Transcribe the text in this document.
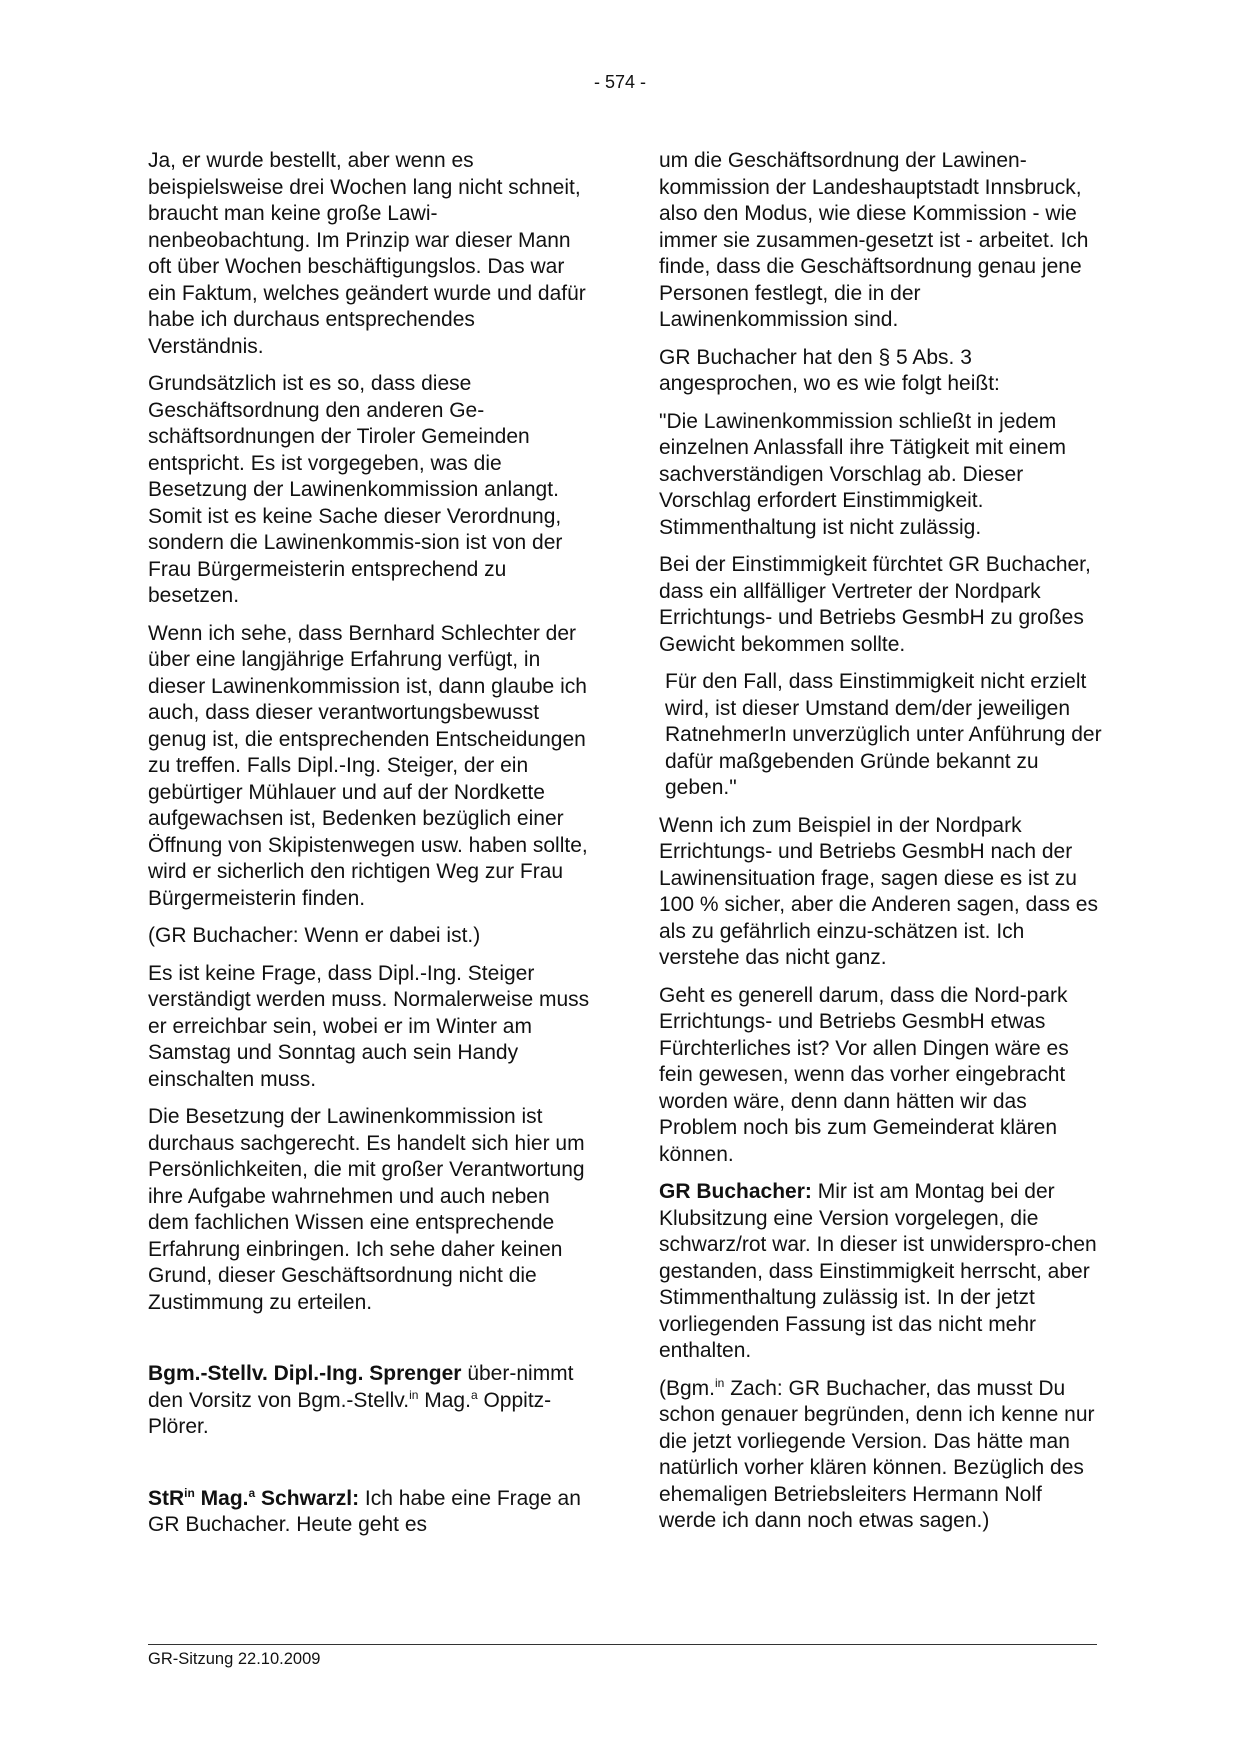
- 574 -

Ja, er wurde bestellt, aber wenn es beispielsweise drei Wochen lang nicht schneit, braucht man keine große Lawi-nenbeobachtung. Im Prinzip war dieser Mann oft über Wochen beschäftigungslos. Das war ein Faktum, welches geändert wurde und dafür habe ich durchaus entsprechendes Verständnis.

Grundsätzlich ist es so, dass diese Geschäftsordnung den anderen Ge-schäftsordnungen der Tiroler Gemeinden entspricht. Es ist vorgegeben, was die Besetzung der Lawinenkommission anlangt. Somit ist es keine Sache dieser Verordnung, sondern die Lawinenkommis-sion ist von der Frau Bürgermeisterin entsprechend zu besetzen.

Wenn ich sehe, dass Bernhard Schlechter der über eine langjährige Erfahrung verfügt, in dieser Lawinenkommission ist, dann glaube ich auch, dass dieser verantwortungsbewusst genug ist, die entsprechenden Entscheidungen zu treffen. Falls Dipl.-Ing. Steiger, der ein gebürtiger Mühlauer und auf der Nordkette aufgewachsen ist, Bedenken bezüglich einer Öffnung von Skipistenwegen usw. haben sollte, wird er sicherlich den richtigen Weg zur Frau Bürgermeisterin finden.

(GR Buchacher: Wenn er dabei ist.)

Es ist keine Frage, dass Dipl.-Ing. Steiger verständigt werden muss. Normalerweise muss er erreichbar sein, wobei er im Winter am Samstag und Sonntag auch sein Handy einschalten muss.

Die Besetzung der Lawinenkommission ist durchaus sachgerecht. Es handelt sich hier um Persönlichkeiten, die mit großer Verantwortung ihre Aufgabe wahrnehmen und auch neben dem fachlichen Wissen eine entsprechende Erfahrung einbringen. Ich sehe daher keinen Grund, dieser Geschäftsordnung nicht die Zustimmung zu erteilen.

Bgm.-Stellv. Dipl.-Ing. Sprenger über-nimmt den Vorsitz von Bgm.-Stellv.$^{in}$ Mag.$^a$ Oppitz-Plörer.

StR$^{in}$ Mag.$^a$ Schwarzl: Ich habe eine Frage an GR Buchacher. Heute geht es

um die Geschäftsordnung der Lawinen-kommission der Landeshauptstadt Innsbruck, also den Modus, wie diese Kommission - wie immer sie zusammen-gesetzt ist - arbeitet. Ich finde, dass die Geschäftsordnung genau jene Personen festlegt, die in der Lawinenkommission sind.

GR Buchacher hat den § 5 Abs. 3 angesprochen, wo es wie folgt heißt:

"Die Lawinenkommission schließt in jedem einzelnen Anlassfall ihre Tätigkeit mit einem sachverständigen Vorschlag ab. Dieser Vorschlag erfordert Einstimmigkeit. Stimmenthaltung ist nicht zulässig.

Bei der Einstimmigkeit fürchtet GR Buchacher, dass ein allfälliger Vertreter der Nordpark Errichtungs- und Betriebs GesmbH zu großes Gewicht bekommen sollte.

Für den Fall, dass Einstimmigkeit nicht erzielt wird, ist dieser Umstand dem/der jeweiligen RatnehmerIn unverzüglich unter Anführung der dafür maßgebenden Gründe bekannt zu geben."

Wenn ich zum Beispiel in der Nordpark Errichtungs- und Betriebs GesmbH nach der Lawinensituation frage, sagen diese es ist zu 100 % sicher, aber die Anderen sagen, dass es als zu gefährlich einzu-schätzen ist. Ich verstehe das nicht ganz.

Geht es generell darum, dass die Nord-park Errichtungs- und Betriebs GesmbH etwas Fürchterliches ist? Vor allen Dingen wäre es fein gewesen, wenn das vorher eingebracht worden wäre, denn dann hätten wir das Problem noch bis zum Gemeinderat klären können.

GR Buchacher: Mir ist am Montag bei der Klubsitzung eine Version vorgelegen, die schwarz/rot war. In dieser ist unwiderspro-chen gestanden, dass Einstimmigkeit herrscht, aber Stimmenthaltung zulässig ist. In der jetzt vorliegenden Fassung ist das nicht mehr enthalten.

(Bgm.$^{in}$ Zach: GR Buchacher, das musst Du schon genauer begründen, denn ich kenne nur die jetzt vorliegende Version. Das hätte man natürlich vorher klären können. Bezüglich des ehemaligen Betriebsleiters Hermann Nolf werde ich dann noch etwas sagen.)

GR-Sitzung 22.10.2009
